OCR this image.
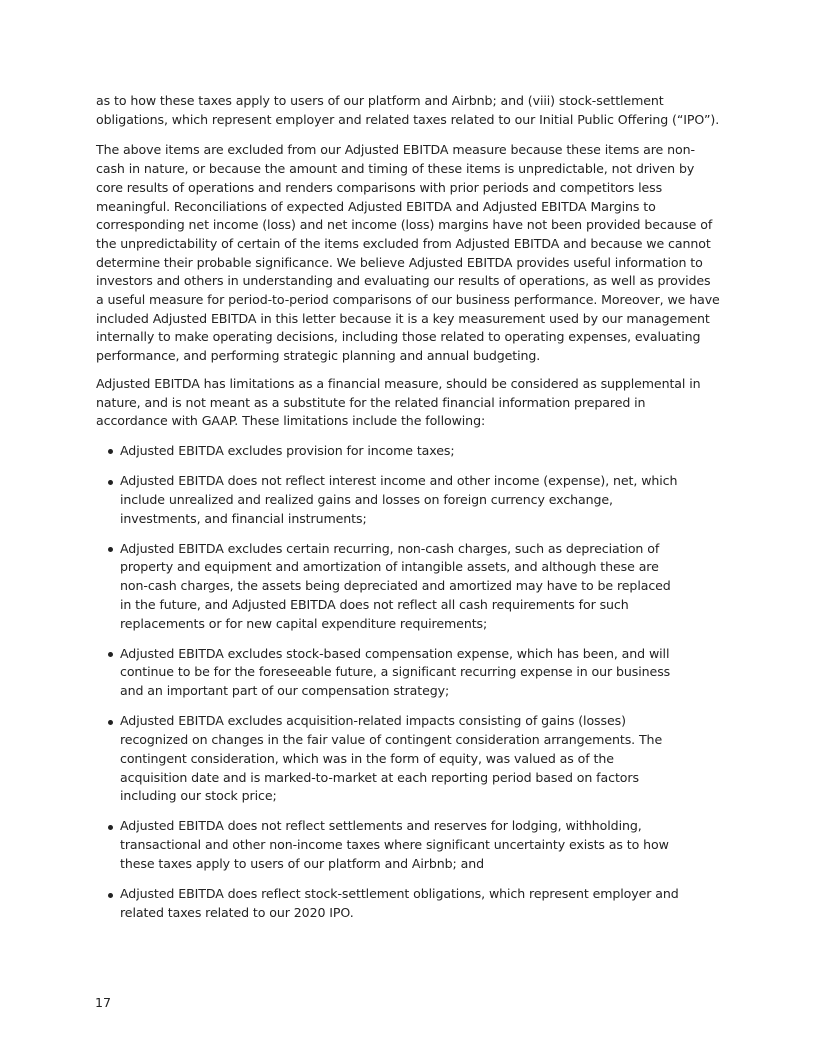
as to how these taxes apply to users of our platform and Airbnb; and (viii) stock-settlement obligations, which represent employer and related taxes related to our Initial Public Offering (“IPO”).

The above items are excluded from our Adjusted EBITDA measure because these items are non-cash in nature, or because the amount and timing of these items is unpredictable, not driven by core results of operations and renders comparisons with prior periods and competitors less meaningful. Reconciliations of expected Adjusted EBITDA and Adjusted EBITDA Margins to corresponding net income (loss) and net income (loss) margins have not been provided because of the unpredictability of certain of the items excluded from Adjusted EBITDA and because we cannot determine their probable significance. We believe Adjusted EBITDA provides useful information to investors and others in understanding and evaluating our results of operations, as well as provides a useful measure for period-to-period comparisons of our business performance. Moreover, we have included Adjusted EBITDA in this letter because it is a key measurement used by our management internally to make operating decisions, including those related to operating expenses, evaluating performance, and performing strategic planning and annual budgeting.

Adjusted EBITDA has limitations as a financial measure, should be considered as supplemental in nature, and is not meant as a substitute for the related financial information prepared in accordance with GAAP. These limitations include the following:

Adjusted EBITDA excludes provision for income taxes;
Adjusted EBITDA does not reflect interest income and other income (expense), net, which include unrealized and realized gains and losses on foreign currency exchange, investments, and financial instruments;
Adjusted EBITDA excludes certain recurring, non-cash charges, such as depreciation of property and equipment and amortization of intangible assets, and although these are non-cash charges, the assets being depreciated and amortized may have to be replaced in the future, and Adjusted EBITDA does not reflect all cash requirements for such replacements or for new capital expenditure requirements;
Adjusted EBITDA excludes stock-based compensation expense, which has been, and will continue to be for the foreseeable future, a significant recurring expense in our business and an important part of our compensation strategy;
Adjusted EBITDA excludes acquisition-related impacts consisting of gains (losses) recognized on changes in the fair value of contingent consideration arrangements. The contingent consideration, which was in the form of equity, was valued as of the acquisition date and is marked-to-market at each reporting period based on factors including our stock price;
Adjusted EBITDA does not reflect settlements and reserves for lodging, withholding, transactional and other non-income taxes where significant uncertainty exists as to how these taxes apply to users of our platform and Airbnb; and
Adjusted EBITDA does reflect stock-settlement obligations, which represent employer and related taxes related to our 2020 IPO.
17
